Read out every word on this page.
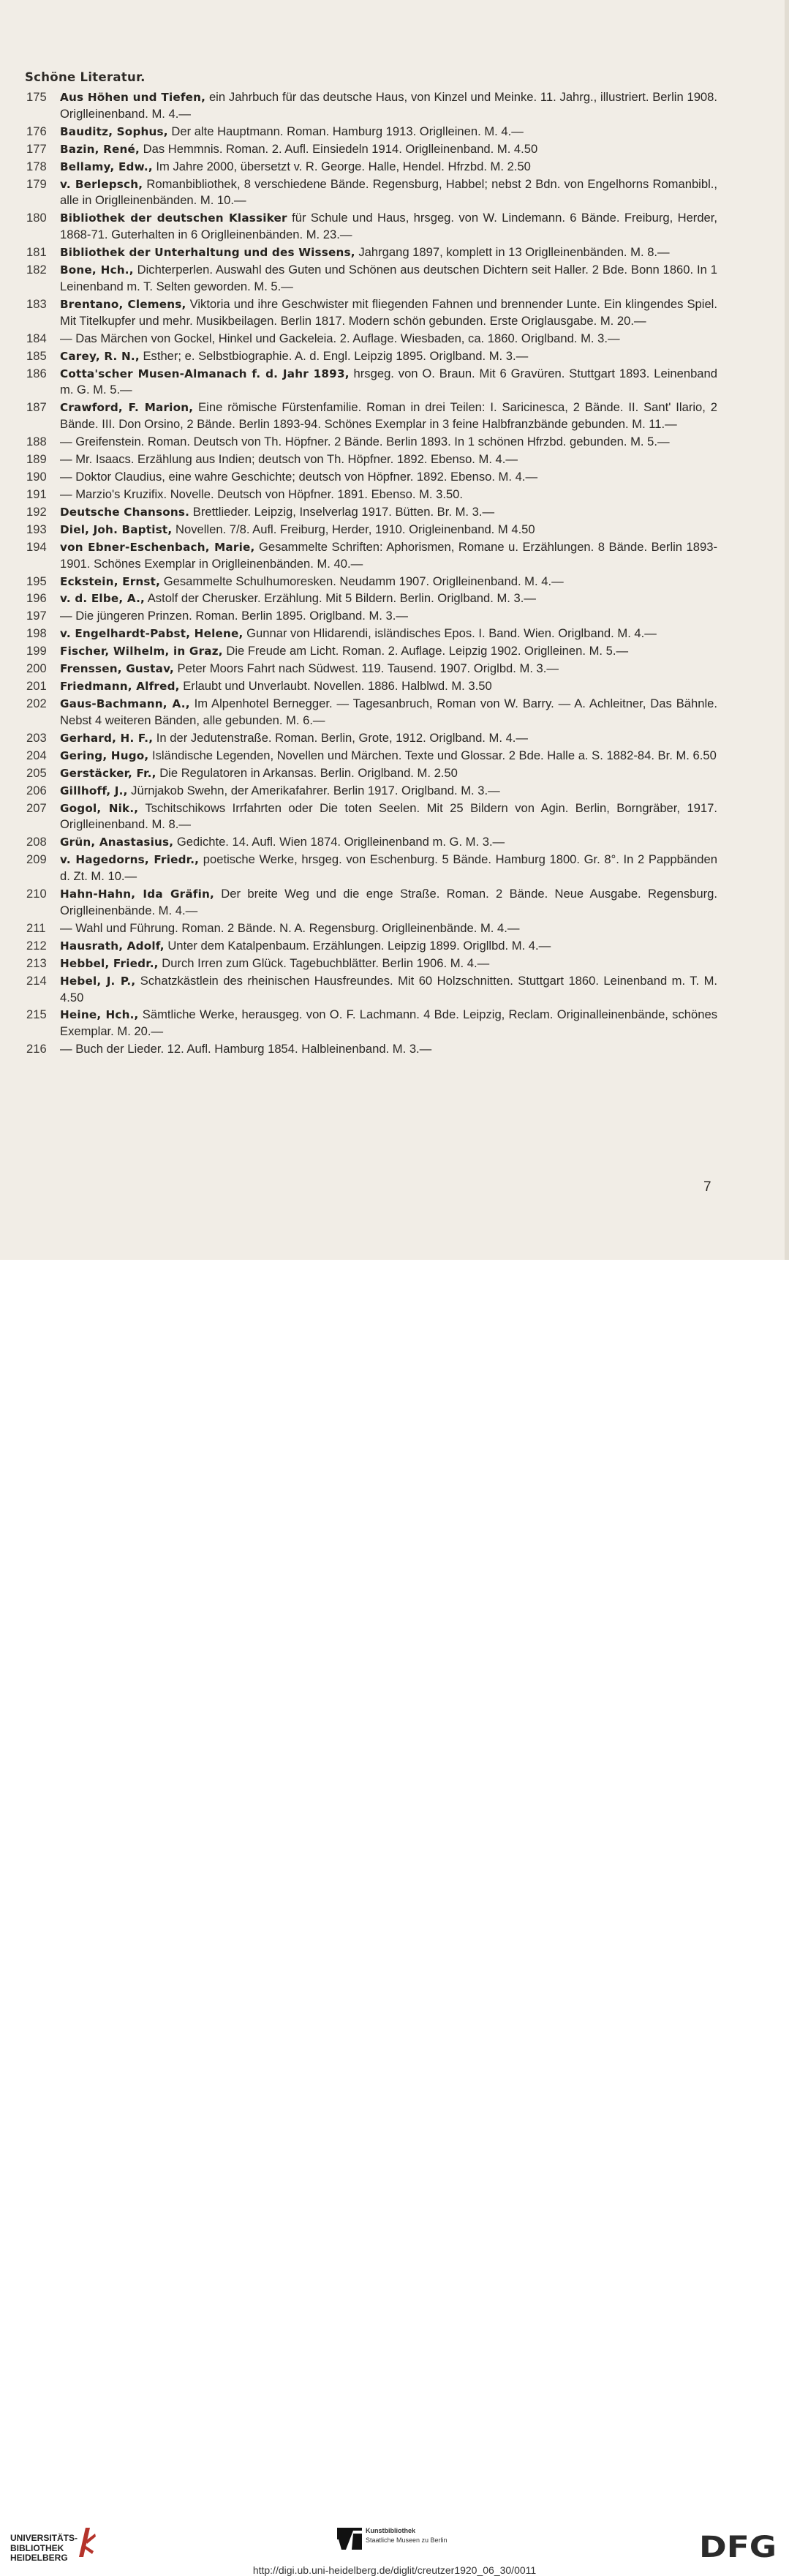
Schöne Literatur.
175	Aus Höhen und Tiefen, ein Jahrbuch für das deutsche Haus, von Kinzel und Meinke. 11. Jahrg., illustriert. Berlin 1908. Origlleinenband. M. 4.—
176	Bauditz, Sophus, Der alte Hauptmann. Roman. Hamburg 1913. Origlleinen. M. 4.—
177	Bazin, René, Das Hemmnis. Roman. 2. Aufl. Einsiedeln 1914. Origlleinenband. M. 4.50
178	Bellamy, Edw., Im Jahre 2000, übersetzt v. R. George. Halle, Hendel. Hfrzbd. M. 2.50
179	v. Berlepsch, Romanbibliothek, 8 verschiedene Bände. Regensburg, Habbel; nebst 2 Bdn. von Engelhorns Romanbibl., alle in Origlleinenbänden. M. 10.—
180	Bibliothek der deutschen Klassiker für Schule und Haus, hrsgeg. von W. Lindemann. 6 Bände. Freiburg, Herder, 1868-71. Guterhalten in 6 Origlleinenbänden. M. 23.—
181	Bibliothek der Unterhaltung und des Wissens, Jahrgang 1897, komplett in 13 Origlleinenbänden. M. 8.—
182	Bone, Hch., Dichterperlen. Auswahl des Guten und Schönen aus deutschen Dichtern seit Haller. 2 Bde. Bonn 1860. In 1 Leinenband m. T. Selten geworden. M. 5.—
183	Brentano, Clemens, Viktoria und ihre Geschwister mit fliegenden Fahnen und brennender Lunte. Ein klingendes Spiel. Mit Titelkupfer und mehr. Musikbeilagen. Berlin 1817. Modern schön gebunden. Erste Origlausgabe. M. 20.—
184	— Das Märchen von Gockel, Hinkel und Gackeleia. 2. Auflage. Wiesbaden, ca. 1860. Origlband. M. 3.—
185	Carey, R. N., Esther; e. Selbstbiographie. A. d. Engl. Leipzig 1895. Origlband. M. 3.—
186	Cotta'scher Musen-Almanach f. d. Jahr 1893, hrsgeg. von O. Braun. Mit 6 Gravüren. Stuttgart 1893. Leinenband m. G. M. 5.—
187	Crawford, F. Marion, Eine römische Fürstenfamilie. Roman in drei Teilen: I. Saricinesca, 2 Bände. II. Sant' Ilario, 2 Bände. III. Don Orsino, 2 Bände. Berlin 1893-94. Schönes Exemplar in 3 feine Halbfranzbände gebunden. M. 11.—
188	— Greifenstein. Roman. Deutsch von Th. Höpfner. 2 Bände. Berlin 1893. In 1 schönen Hfrzbd. gebunden. M. 5.—
189	— Mr. Isaacs. Erzählung aus Indien; deutsch von Th. Höpfner. 1892. Ebenso. M. 4.—
190	— Doktor Claudius, eine wahre Geschichte; deutsch von Höpfner. 1892. Ebenso. M. 4.—
191	— Marzio's Kruzifix. Novelle. Deutsch von Höpfner. 1891. Ebenso. M. 3.50.
192	Deutsche Chansons. Brettlieder. Leipzig, Inselverlag 1917. Bütten. Br. M. 3.—
193	Diel, Joh. Baptist, Novellen. 7/8. Aufl. Freiburg, Herder, 1910. Origleinenband. M 4.50
194	von Ebner-Eschenbach, Marie, Gesammelte Schriften: Aphorismen, Romane u. Erzählungen. 8 Bände. Berlin 1893-1901. Schönes Exemplar in Origlleinenbänden. M. 40.—
195	Eckstein, Ernst, Gesammelte Schulhumoresken. Neudamm 1907. Origlleinenband. M. 4.—
196	v. d. Elbe, A., Astolf der Cherusker. Erzählung. Mit 5 Bildern. Berlin. Origlband. M. 3.—
197	— Die jüngeren Prinzen. Roman. Berlin 1895. Origlband. M. 3.—
198	v. Engelhardt-Pabst, Helene, Gunnar von Hlidarendi, isländisches Epos. I. Band. Wien. Origlband. M. 4.—
199	Fischer, Wilhelm, in Graz, Die Freude am Licht. Roman. 2. Auflage. Leipzig 1902. Origlleinen. M. 5.—
200	Frenssen, Gustav, Peter Moors Fahrt nach Südwest. 119. Tausend. 1907. Origlbd. M. 3.—
201	Friedmann, Alfred, Erlaubt und Unverlaubt. Novellen. 1886. Halblwd. M. 3.50
202	Gaus-Bachmann, A., Im Alpenhotel Bernegger. — Tagesanbruch, Roman von W. Barry. — A. Achleitner, Das Bähnle. Nebst 4 weiteren Bänden, alle gebunden. M. 6.—
203	Gerhard, H. F., In der Jedutenstraße. Roman. Berlin, Grote, 1912. Origlband. M. 4.—
204	Gering, Hugo, Isländische Legenden, Novellen und Märchen. Texte und Glossar. 2 Bde. Halle a. S. 1882-84. Br. M. 6.50
205	Gerstäcker, Fr., Die Regulatoren in Arkansas. Berlin. Origlband. M. 2.50
206	Gillhoff, J., Jürnjakob Swehn, der Amerikafahrer. Berlin 1917. Origlband. M. 3.—
207	Gogol, Nik., Tschitschikows Irrfahrten oder Die toten Seelen. Mit 25 Bildern von Agin. Berlin, Borngräber, 1917. Origlleinenband. M. 8.—
208	Grün, Anastasius, Gedichte. 14. Aufl. Wien 1874. Origlleinenband m. G. M. 3.—
209	v. Hagedorns, Friedr., poetische Werke, hrsgeg. von Eschenburg. 5 Bände. Hamburg 1800. Gr. 8°. In 2 Pappbänden d. Zt. M. 10.—
210	Hahn-Hahn, Ida Gräfin, Der breite Weg und die enge Straße. Roman. 2 Bände. Neue Ausgabe. Regensburg. Origlleinenbände. M. 4.—
211	— Wahl und Führung. Roman. 2 Bände. N. A. Regensburg. Origlleinenbände. M. 4.—
212	Hausrath, Adolf, Unter dem Katalpenbaum. Erzählungen. Leipzig 1899. Origllbd. M. 4.—
213	Hebbel, Friedr., Durch Irren zum Glück. Tagebuchblätter. Berlin 1906. M. 4.—
214	Hebel, J. P., Schatzkästlein des rheinischen Hausfreundes. Mit 60 Holzschnitten. Stuttgart 1860. Leinenband m. T. M. 4.50
215	Heine, Hch., Sämtliche Werke, herausgeg. von O. F. Lachmann. 4 Bde. Leipzig, Reclam. Originalleinenbände, schönes Exemplar. M. 20.—
216	— Buch der Lieder. 12. Aufl. Hamburg 1854. Halbleinenband. M. 3.—
7
UNIVERSITÄTS-
BIBLIOTHEK
HEIDELBERG
Kunstbibliothek
Staatliche Museen zu Berlin	DFG
http://digi.ub.uni-heidelberg.de/diglit/creutzer1920_06_30/0011
